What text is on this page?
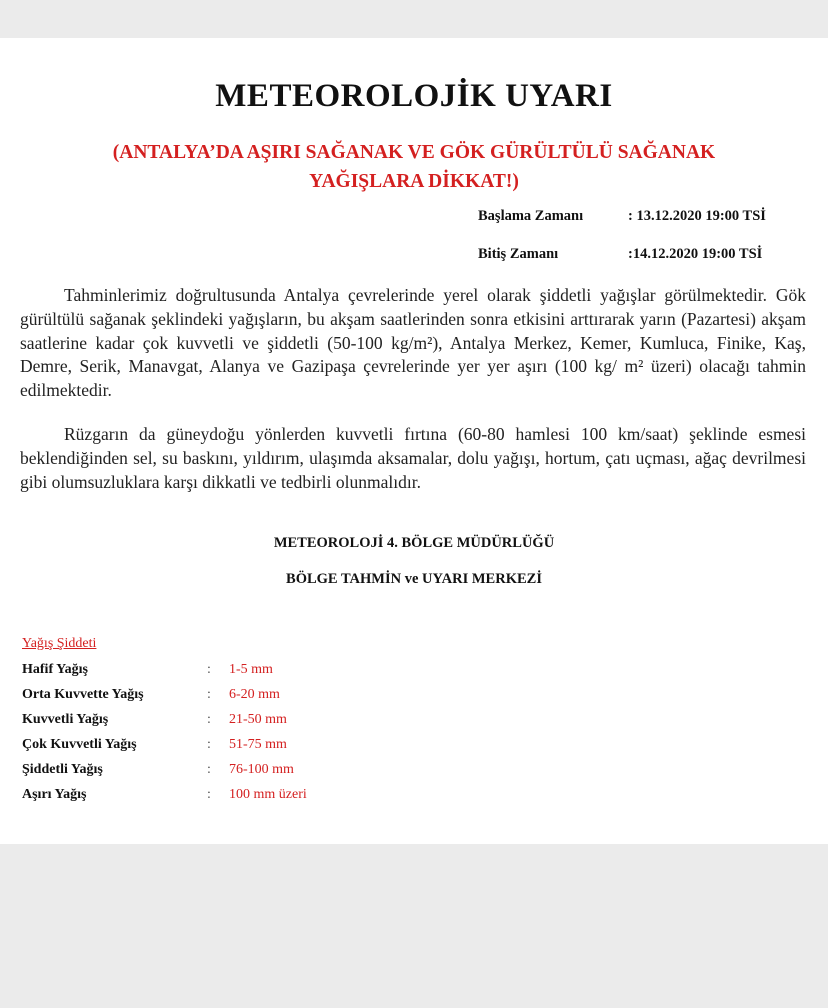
METEOROLOJİK UYARI
(ANTALYA’DA AŞIRI SAĞANAK VE GÖK GÜRÜLTÜLÜ SAĞANAK YAĞIŞLARA DİKKAT!)
Başlama Zamanı	: 13.12.2020 19:00 TSİ
Bitiş Zamanı	:14.12.2020 19:00 TSİ

Tahminlerimiz doğrultusunda Antalya çevrelerinde yerel olarak şiddetli yağışlar görülmektedir. Gök gürültülü sağanak şeklindeki yağışların, bu akşam saatlerinden sonra etkisini arttırarak yarın (Pazartesi) akşam saatlerine kadar çok kuvvetli ve şiddetli (50-100 kg/m²), Antalya Merkez, Kemer, Kumluca, Finike, Kaş, Demre, Serik, Manavgat, Alanya ve Gazipaşa çevrelerinde yer yer aşırı (100 kg/ m² üzeri) olacağı tahmin edilmektedir.

Rüzgarın da güneydoğu yönlerden kuvvetli fırtına (60-80 hamlesi 100 km/saat) şeklinde esmesi beklendiğinden sel, su baskını, yıldırım, ulaşımda aksamalar, dolu yağışı, hortum, çatı uçması, ağaç devrilmesi gibi olumsuzluklara karşı dikkatli ve tedbirli olunmalıdır.

METEOROLOJİ 4. BÖLGE MÜDÜRLÜĞÜ
BÖLGE TAHMİN ve UYARI MERKEZİ
Yağış Şiddeti
Hafif Yağış	: 1-5 mm
Orta Kuvvette Yağış	: 6-20 mm
Kuvvetli Yağış	: 21-50 mm
Çok Kuvvetli Yağış	: 51-75 mm
Şiddetli Yağış	: 76-100 mm
Aşırı Yağış	: 100 mm üzeri
